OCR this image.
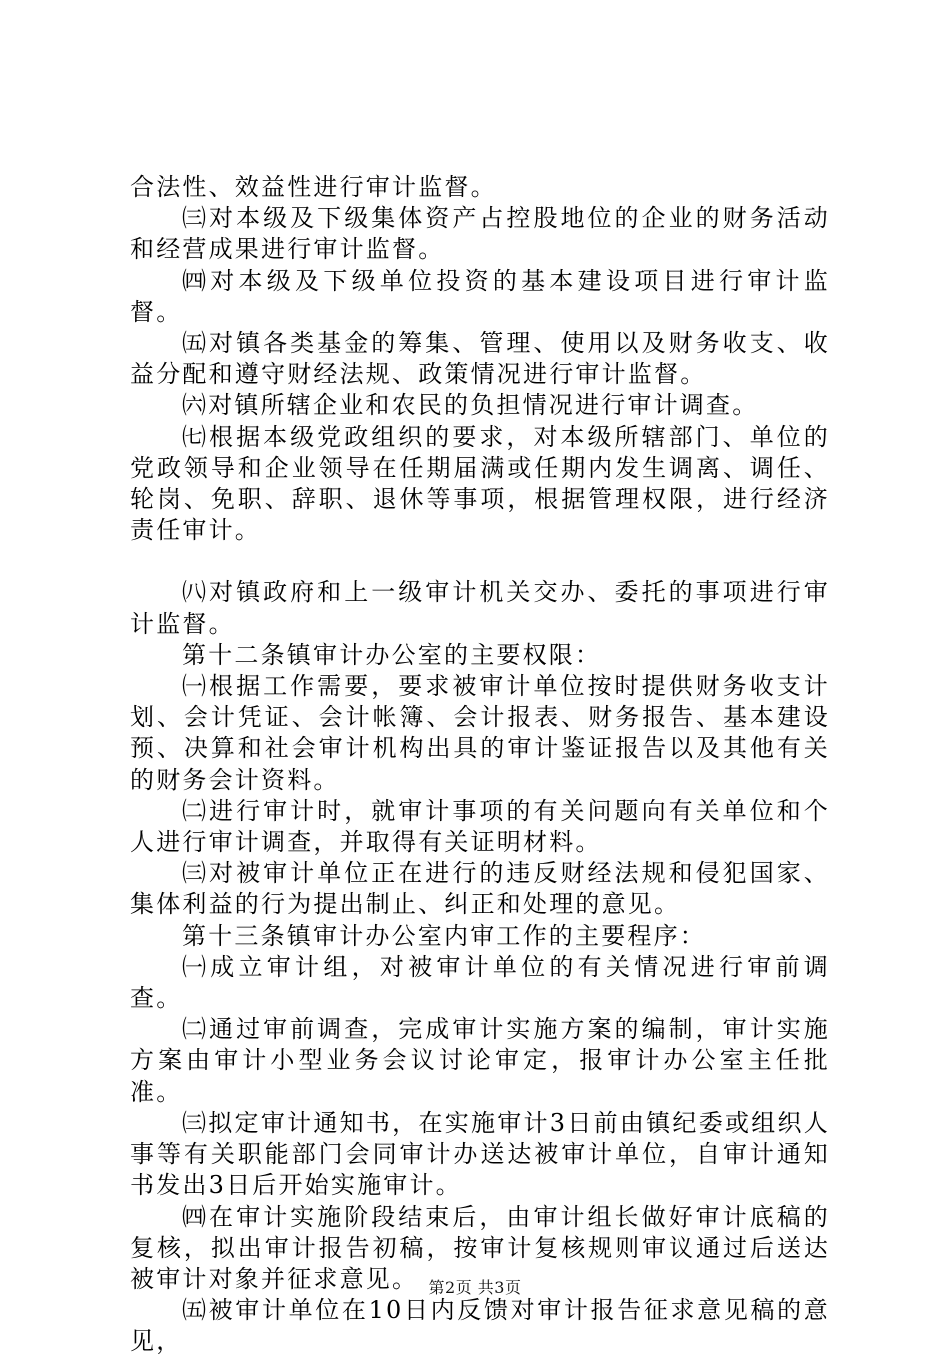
合法性、效益性进行审计监督。

㈢对本级及下级集体资产占控股地位的企业的财务活动和经营成果进行审计监督。

㈣对本级及下级单位投资的基本建设项目进行审计监督。

㈤对镇各类基金的筹集、管理、使用以及财务收支、收益分配和遵守财经法规、政策情况进行审计监督。

㈥对镇所辖企业和农民的负担情况进行审计调查。

㈦根据本级党政组织的要求，对本级所辖部门、单位的党政领导和企业领导在任期届满或任期内发生调离、调任、轮岗、免职、辞职、退休等事项，根据管理权限，进行经济责任审计。

㈧对镇政府和上一级审计机关交办、委托的事项进行审计监督。

第十二条镇审计办公室的主要权限：

㈠根据工作需要，要求被审计单位按时提供财务收支计划、会计凭证、会计帐簿、会计报表、财务报告、基本建设预、决算和社会审计机构出具的审计鉴证报告以及其他有关的财务会计资料。

㈡进行审计时，就审计事项的有关问题向有关单位和个人进行审计调查，并取得有关证明材料。

㈢对被审计单位正在进行的违反财经法规和侵犯国家、集体利益的行为提出制止、纠正和处理的意见。

第十三条镇审计办公室内审工作的主要程序：

㈠成立审计组，对被审计单位的有关情况进行审前调查。

㈡通过审前调查，完成审计实施方案的编制，审计实施方案由审计小型业务会议讨论审定，报审计办公室主任批准。

㈢拟定审计通知书，在实施审计3日前由镇纪委或组织人事等有关职能部门会同审计办送达被审计单位，自审计通知书发出3日后开始实施审计。

㈣在审计实施阶段结束后，由审计组长做好审计底稿的复核，拟出审计报告初稿，按审计复核规则审议通过后送达被审计对象并征求意见。

㈤被审计单位在10日内反馈对审计报告征求意见稿的意见，

第2页 共3页
